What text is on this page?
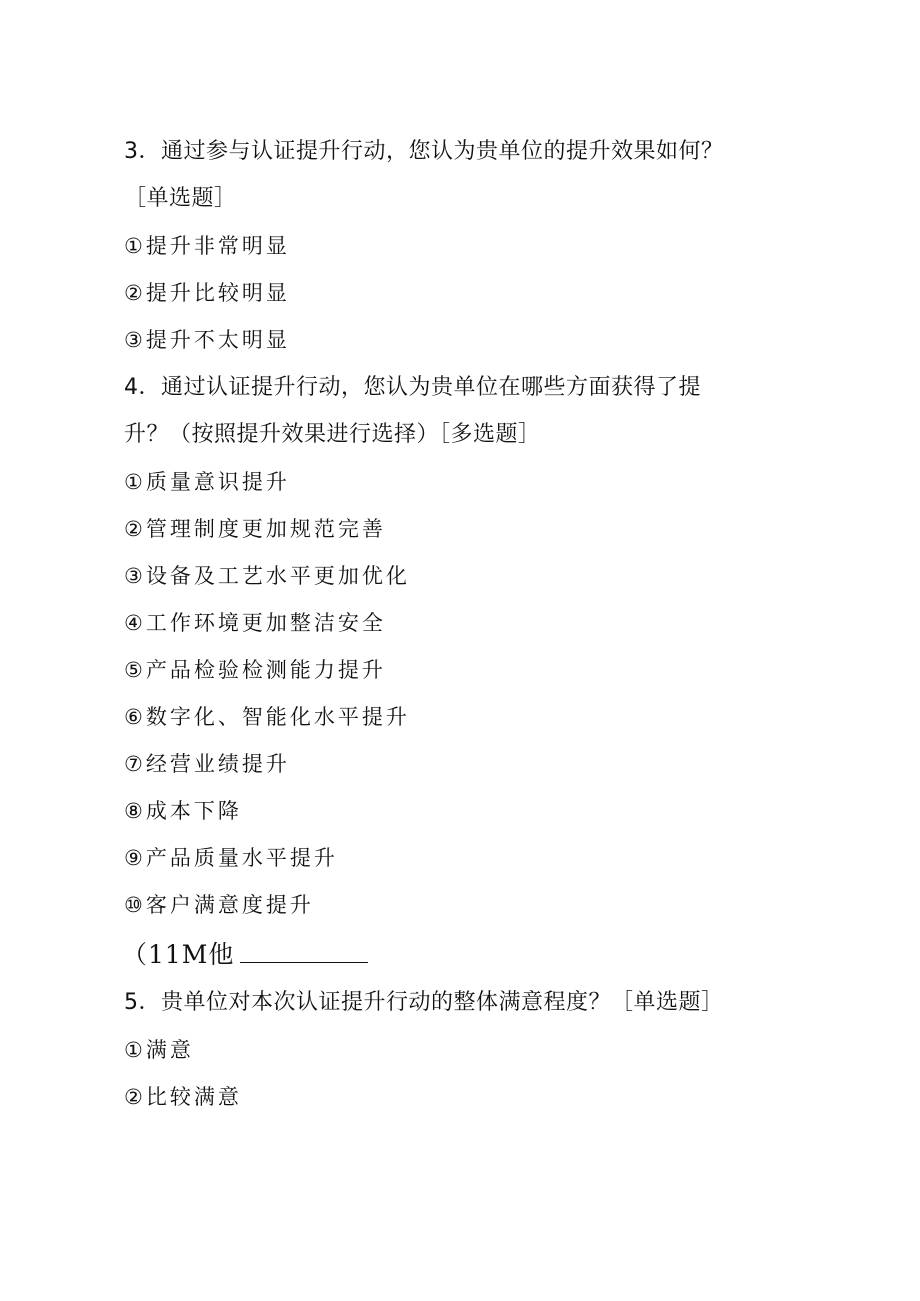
3．通过参与认证提升行动，您认为贵单位的提升效果如何？
［单选题］
①提升非常明显
②提升比较明显
③提升不太明显
4．通过认证提升行动，您认为贵单位在哪些方面获得了提
升？（按照提升效果进行选择）［多选题］
①质量意识提升
②管理制度更加规范完善
③设备及工艺水平更加优化
④工作环境更加整洁安全
⑤产品检验检测能力提升
⑥数字化、智能化水平提升
⑦经营业绩提升
⑧成本下降
⑨产品质量水平提升
⑩客户满意度提升
（11M他
5．贵单位对本次认证提升行动的整体满意程度？［单选题］
①满意
②比较满意
